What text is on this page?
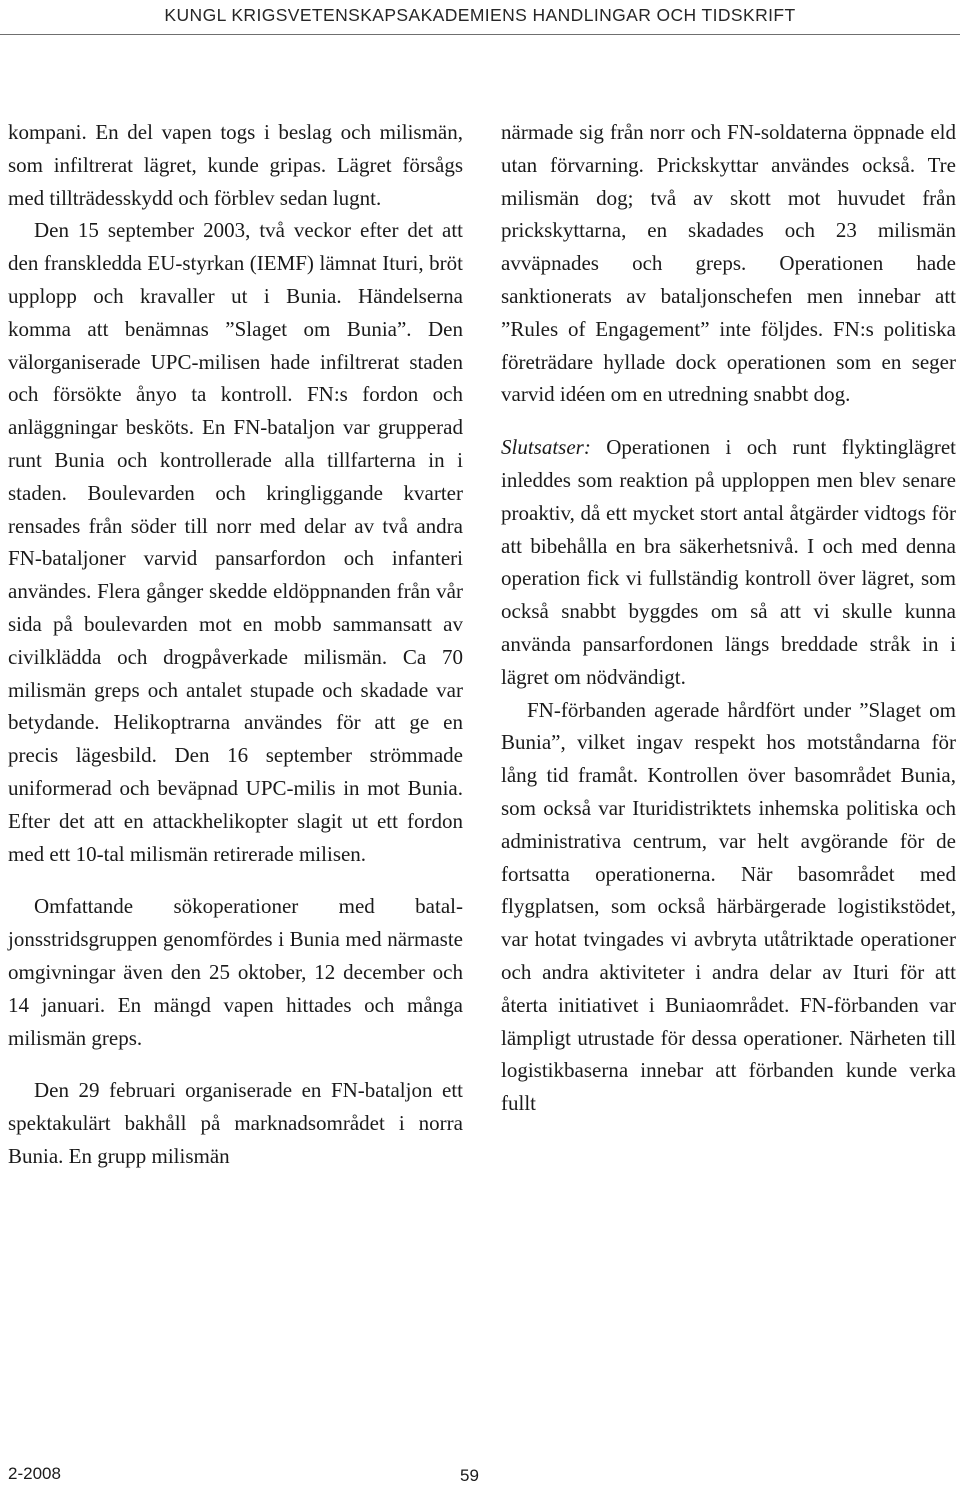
KUNGL KRIGSVETENSKAPSAKADEMIENS HANDLINGAR OCH TIDSKRIFT

kompani. En del vapen togs i beslag och milismän, som infiltrerat lägret, kunde gripas. Lägret försågs med tillträdesskydd och förblev sedan lugnt.

Den 15 september 2003, två veckor efter det att den franskledda EU-styrkan (IEMF) lämnat Ituri, bröt upplopp och kravaller ut i Bunia. Händelserna komma att benämnas ”Slaget om Bunia”. Den välorganiserade UPC-milisen hade infiltrerat staden och försökte ånyo ta kontroll. FN:s fordon och anläggningar besköts. En FN-bataljon var grupperad runt Bunia och kontrollerade alla tillfarterna in i staden. Boulevarden och kringliggande kvarter rensades från söder till norr med delar av två andra FN-bataljoner varvid pansarfordon och infanteri användes. Flera gånger skedde eldöppnanden från vår sida på boulevarden mot en mobb sammansatt av civilklädda och drogpåverkade milismän. Ca 70 milismän greps och antalet stupade och skadade var betydande. Helikoptrarna användes för att ge en precis lägesbild. Den 16 september strömmade uniformerad och beväpnad UPC-milis in mot Bunia. Efter det att en attackhelikopter slagit ut ett fordon med ett 10-tal milismän retirerade milisen.

Omfattande sökoperationer med bataljonsstridsgruppen genomfördes i Bunia med närmaste omgivningar även den 25 oktober, 12 december och 14 januari. En mängd vapen hittades och många milismän greps.

Den 29 februari organiserade en FN-bataljon ett spektakulärt bakhåll på marknadsområdet i norra Bunia. En grupp milismän

närmade sig från norr och FN-soldaterna öppnade eld utan förvarning. Prickskyttar användes också. Tre milismän dog; två av skott mot huvudet från prickskyttarna, en skadades och 23 milismän avväpnades och greps. Operationen hade sanktionerats av bataljonschefen men innebar att ”Rules of Engagement” inte följdes. FN:s politiska företrädare hyllade dock operationen som en seger varvid idéen om en utredning snabbt dog.

Slutsatser: Operationen i och runt flyktinglägret inleddes som reaktion på upploppen men blev senare proaktiv, då ett mycket stort antal åtgärder vidtogs för att bibehålla en bra säkerhetsnivå. I och med denna operation fick vi fullständig kontroll över lägret, som också snabbt byggdes om så att vi skulle kunna använda pansarfordonen längs breddade stråk in i lägret om nödvändigt.

FN-förbanden agerade hårdfört under ”Slaget om Bunia”, vilket ingav respekt hos motståndarna för lång tid framåt. Kontrollen över basområdet Bunia, som också var Ituridistriktets inhemska politiska och administrativa centrum, var helt avgörande för de fortsatta operationerna. När basområdet med flygplatsen, som också härbärgerade logistikstödet, var hotat tvingades vi avbryta utåtriktade operationer och andra aktiviteter i andra delar av Ituri för att återta initiativet i Buniaområdet. FN-förbanden var lämpligt utrustade för dessa operationer. Närheten till logistikbaserna innebar att förbanden kunde verka fullt

2-2008	59
